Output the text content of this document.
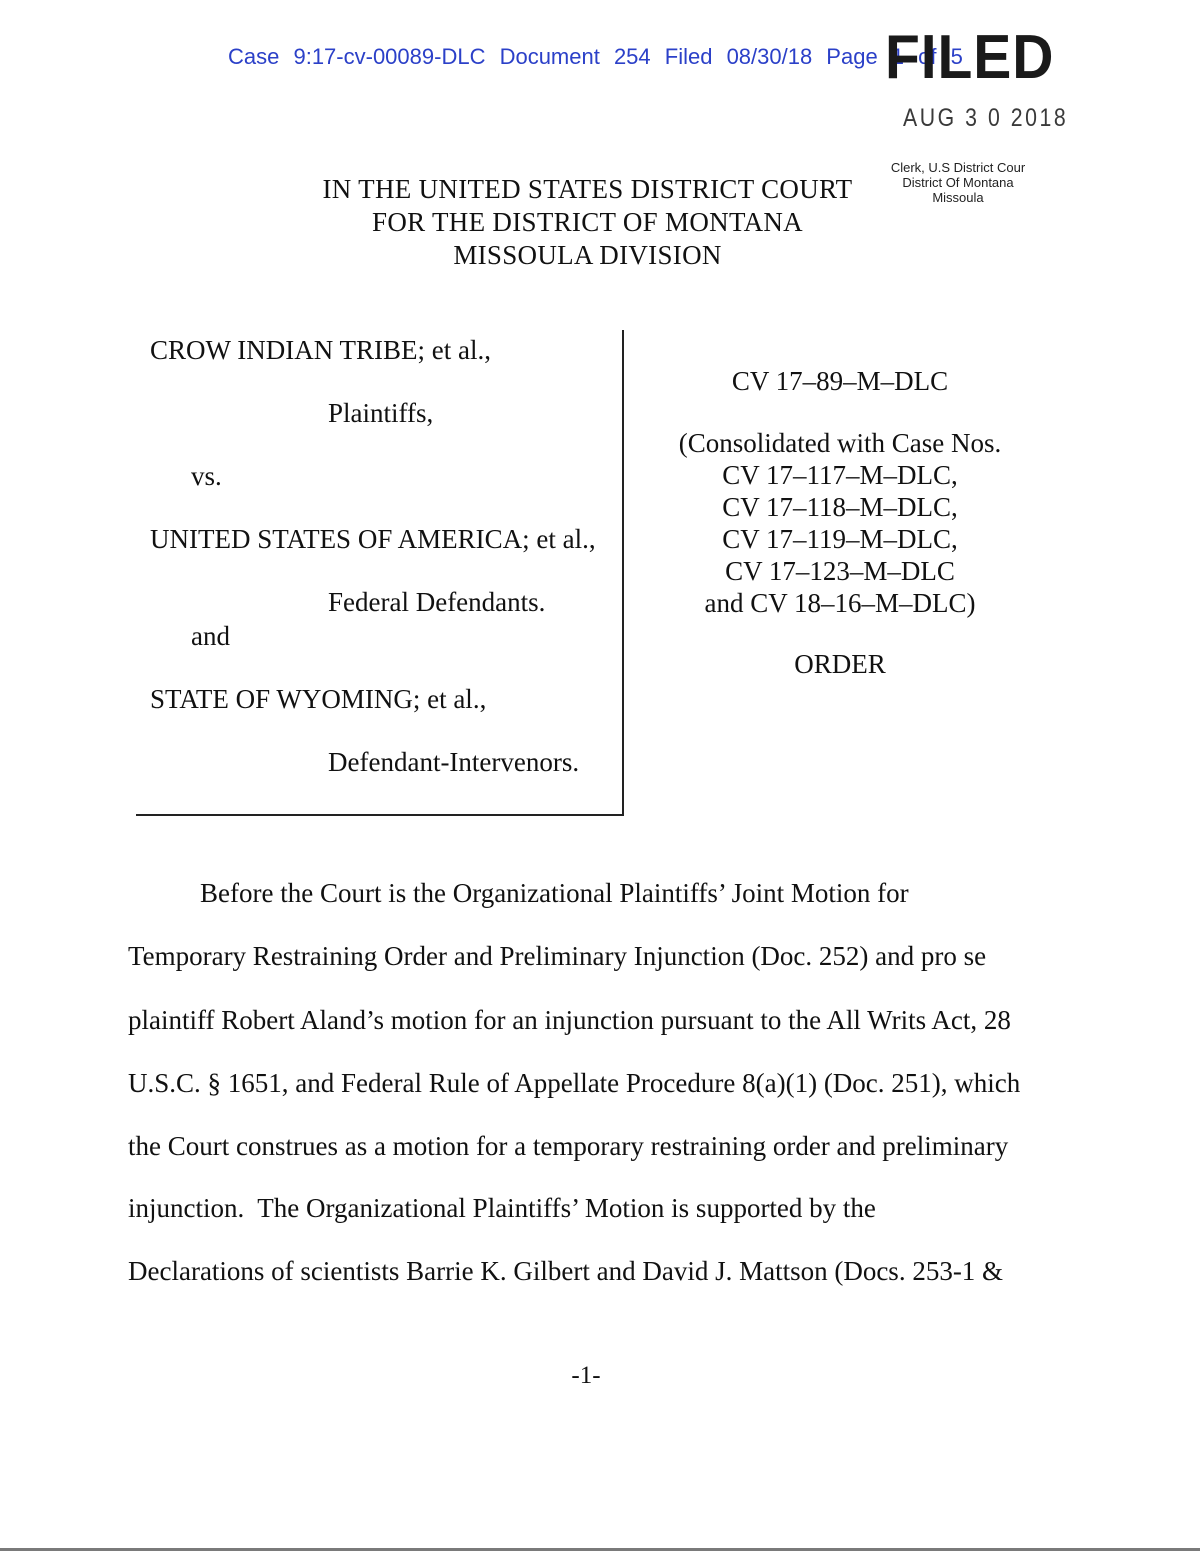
Case 9:17-cv-00089-DLC Document 254 Filed 08/30/18 Page 1 of 5
FILED
AUG 3 0 2018
Clerk, U.S District Cour
District Of Montana
Missoula
IN THE UNITED STATES DISTRICT COURT
FOR THE DISTRICT OF MONTANA
MISSOULA DIVISION
CROW INDIAN TRIBE; et al.,
Plaintiffs,
vs.
UNITED STATES OF AMERICA; et al.,
Federal Defendants.
and
STATE OF WYOMING; et al.,
Defendant-Intervenors.
CV 17–89–M–DLC
(Consolidated with Case Nos.
CV 17–117–M–DLC,
CV 17–118–M–DLC,
CV 17–119–M–DLC,
CV 17–123–M–DLC
and CV 18–16–M–DLC)
ORDER
Before the Court is the Organizational Plaintiffs’ Joint Motion for
Temporary Restraining Order and Preliminary Injunction (Doc. 252) and pro se
plaintiff Robert Aland’s motion for an injunction pursuant to the All Writs Act, 28
U.S.C. § 1651, and Federal Rule of Appellate Procedure 8(a)(1) (Doc. 251), which
the Court construes as a motion for a temporary restraining order and preliminary
injunction.  The Organizational Plaintiffs’ Motion is supported by the
Declarations of scientists Barrie K. Gilbert and David J. Mattson (Docs. 253-1 &
-1-
